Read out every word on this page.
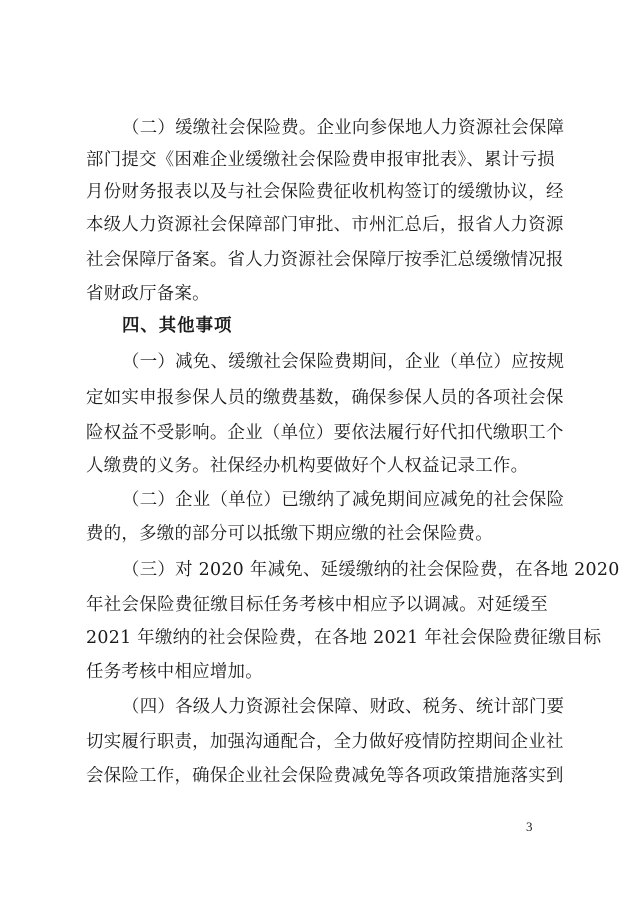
（二）缓缴社会保险费。企业向参保地人力资源社会保障
部门提交《困难企业缓缴社会保险费申报审批表》、累计亏损
月份财务报表以及与社会保险费征收机构签订的缓缴协议，经
本级人力资源社会保障部门审批、市州汇总后，报省人力资源
社会保障厅备案。省人力资源社会保障厅按季汇总缓缴情况报
省财政厅备案。
四、其他事项
（一）减免、缓缴社会保险费期间，企业（单位）应按规
定如实申报参保人员的缴费基数，确保参保人员的各项社会保
险权益不受影响。企业（单位）要依法履行好代扣代缴职工个
人缴费的义务。社保经办机构要做好个人权益记录工作。
（二）企业（单位）已缴纳了减免期间应减免的社会保险
费的，多缴的部分可以抵缴下期应缴的社会保险费。
（三）对 2020 年减免、延缓缴纳的社会保险费，在各地 2020
年社会保险费征缴目标任务考核中相应予以调减。对延缓至
2021 年缴纳的社会保险费，在各地 2021 年社会保险费征缴目标
任务考核中相应增加。
（四）各级人力资源社会保障、财政、税务、统计部门要
切实履行职责，加强沟通配合，全力做好疫情防控期间企业社
会保险工作，确保企业社会保险费减免等各项政策措施落实到
3
